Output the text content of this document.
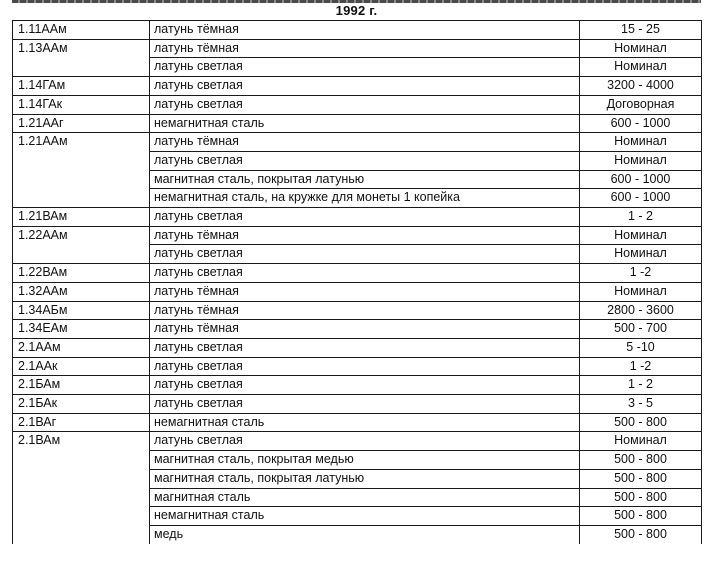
1992 г.
1.11AAм	латунь тёмная	15 - 25
1.13AAм	латунь тёмная	Номинал
	латунь светлая	Номинал
1.14ГАм	латунь светлая	3200 - 4000
1.14ГАк	латунь светлая	Договорная
1.21AAг	немагнитная сталь	600 - 1000
1.21AAм	латунь тёмная	Номинал
	латунь светлая	Номинал
	магнитная сталь, покрытая латунью	600 - 1000
	немагнитная сталь, на кружке для монеты 1 копейка	600 - 1000
1.21ВАм	латунь светлая	1 - 2
1.22AAм	латунь тёмная	Номинал
	латунь светлая	Номинал
1.22ВАм	латунь светлая	1 -2
1.32AAм	латунь тёмная	Номинал
1.34АБм	латунь тёмная	2800 - 3600
1.34ЕАм	латунь тёмная	500 - 700
2.1AAм	латунь светлая	5 -10
2.1AAк	латунь светлая	1 -2
2.1БАм	латунь светлая	1 - 2
2.1БАк	латунь светлая	3 - 5
2.1ВАг	немагнитная сталь	500 - 800
2.1ВАм	латунь светлая	Номинал
	магнитная сталь, покрытая медью	500 - 800
	магнитная сталь, покрытая латунью	500 - 800
	магнитная сталь	500 - 800
	немагнитная сталь	500 - 800
	медь	500 - 800
